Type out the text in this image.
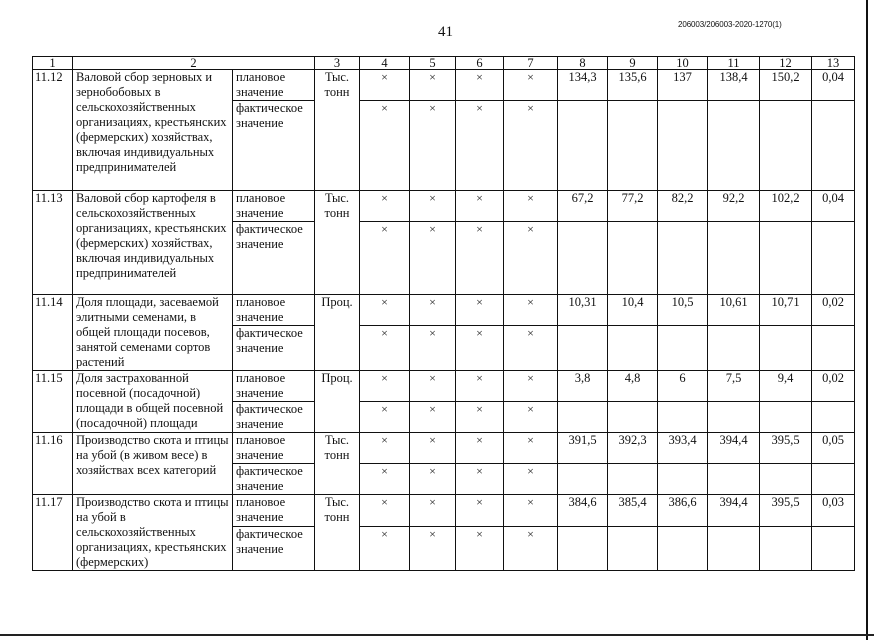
41	206003/206003-2020-1270(1)
1	2		3	4	5	6	7	8	9	10	11	12	13
11.12	Валовой сбор зерновых и зернобобовых в сельскохозяйственных организациях, крестьянских (фермерских) хозяйствах, включая индивидуальных предпринимателей	плановое значение	Тыс. тонн	×	×	×	×	134,3	135,6	137	138,4	150,2	0,04
		фактическое значение		×	×	×	×						
11.13	Валовой сбор картофеля в сельскохозяйственных организациях, крестьянских (фермерских) хозяйствах, включая индивидуальных предпринимателей	плановое значение	Тыс. тонн	×	×	×	×	67,2	77,2	82,2	92,2	102,2	0,04
		фактическое значение		×	×	×	×						
11.14	Доля площади, засеваемой элитными семенами, в общей площади посевов, занятой семенами сортов растений	плановое значение	Проц.	×	×	×	×	10,31	10,4	10,5	10,61	10,71	0,02
		фактическое значение		×	×	×	×						
11.15	Доля застрахованной посевной (посадочной) площади в общей посевной (посадочной) площади	плановое значение	Проц.	×	×	×	×	3,8	4,8	6	7,5	9,4	0,02
		фактическое значение		×	×	×	×						
11.16	Производство скота и птицы на убой (в живом весе) в хозяйствах всех категорий	плановое значение	Тыс. тонн	×	×	×	×	391,5	392,3	393,4	394,4	395,5	0,05
		фактическое значение		×	×	×	×						
11.17	Производство скота и птицы на убой в сельскохозяйственных организациях, крестьянских (фермерских)	плановое значение	Тыс. тонн	×	×	×	×	384,6	385,4	386,6	394,4	395,5	0,03
		фактическое значение		×	×	×	×						
